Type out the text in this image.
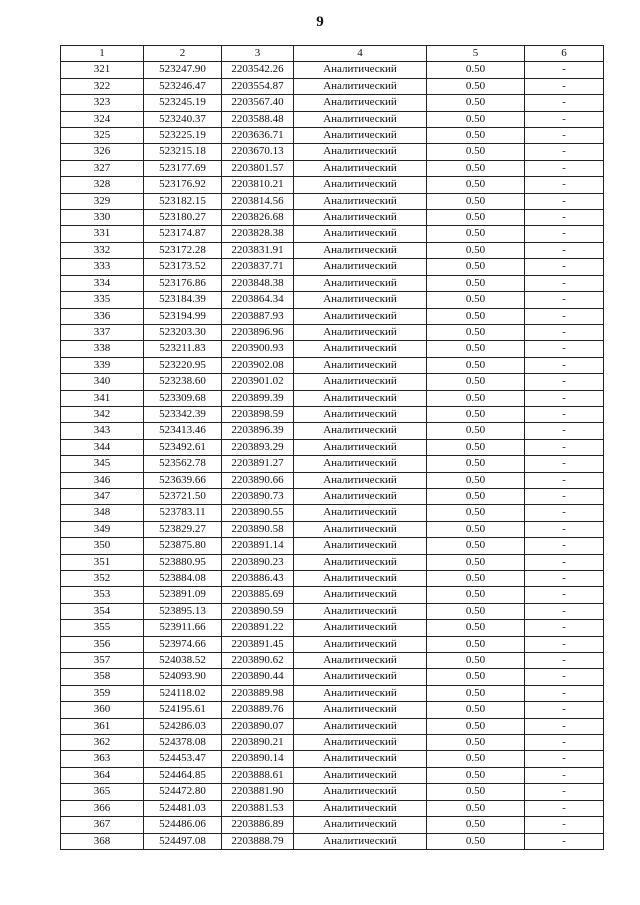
9
1	2	3	4	5	6
321	523247.90	2203542.26	Аналитический	0.50	-
322	523246.47	2203554.87	Аналитический	0.50	-
323	523245.19	2203567.40	Аналитический	0.50	-
324	523240.37	2203588.48	Аналитический	0.50	-
325	523225.19	2203636.71	Аналитический	0.50	-
326	523215.18	2203670.13	Аналитический	0.50	-
327	523177.69	2203801.57	Аналитический	0.50	-
328	523176.92	2203810.21	Аналитический	0.50	-
329	523182.15	2203814.56	Аналитический	0.50	-
330	523180.27	2203826.68	Аналитический	0.50	-
331	523174.87	2203828.38	Аналитический	0.50	-
332	523172.28	2203831.91	Аналитический	0.50	-
333	523173.52	2203837.71	Аналитический	0.50	-
334	523176.86	2203848.38	Аналитический	0.50	-
335	523184.39	2203864.34	Аналитический	0.50	-
336	523194.99	2203887.93	Аналитический	0.50	-
337	523203.30	2203896.96	Аналитический	0.50	-
338	523211.83	2203900.93	Аналитический	0.50	-
339	523220.95	2203902.08	Аналитический	0.50	-
340	523238.60	2203901.02	Аналитический	0.50	-
341	523309.68	2203899.39	Аналитический	0.50	-
342	523342.39	2203898.59	Аналитический	0.50	-
343	523413.46	2203896.39	Аналитический	0.50	-
344	523492.61	2203893.29	Аналитический	0.50	-
345	523562.78	2203891.27	Аналитический	0.50	-
346	523639.66	2203890.66	Аналитический	0.50	-
347	523721.50	2203890.73	Аналитический	0.50	-
348	523783.11	2203890.55	Аналитический	0.50	-
349	523829.27	2203890.58	Аналитический	0.50	-
350	523875.80	2203891.14	Аналитический	0.50	-
351	523880.95	2203890.23	Аналитический	0.50	-
352	523884.08	2203886.43	Аналитический	0.50	-
353	523891.09	2203885.69	Аналитический	0.50	-
354	523895.13	2203890.59	Аналитический	0.50	-
355	523911.66	2203891.22	Аналитический	0.50	-
356	523974.66	2203891.45	Аналитический	0.50	-
357	524038.52	2203890.62	Аналитический	0.50	-
358	524093.90	2203890.44	Аналитический	0.50	-
359	524118.02	2203889.98	Аналитический	0.50	-
360	524195.61	2203889.76	Аналитический	0.50	-
361	524286.03	2203890.07	Аналитический	0.50	-
362	524378.08	2203890.21	Аналитический	0.50	-
363	524453.47	2203890.14	Аналитический	0.50	-
364	524464.85	2203888.61	Аналитический	0.50	-
365	524472.80	2203881.90	Аналитический	0.50	-
366	524481.03	2203881.53	Аналитический	0.50	-
367	524486.06	2203886.89	Аналитический	0.50	-
368	524497.08	2203888.79	Аналитический	0.50	-
